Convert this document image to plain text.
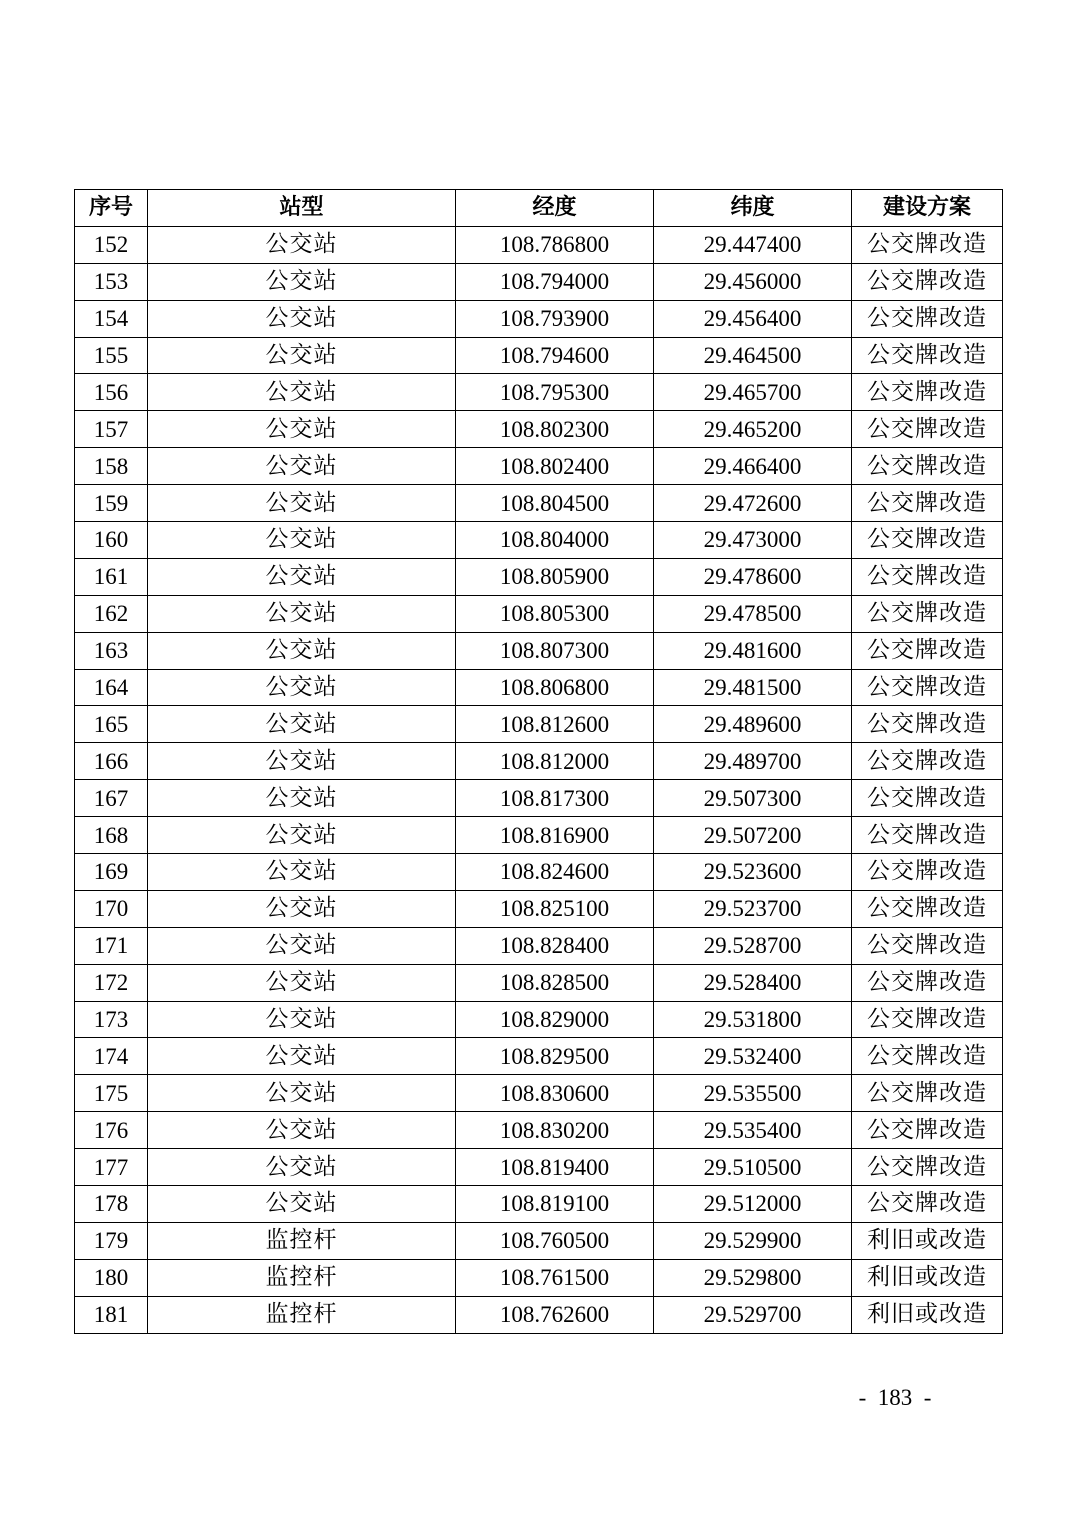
序号	站型	经度	纬度	建设方案
152	公交站	108.786800	29.447400	公交牌改造
153	公交站	108.794000	29.456000	公交牌改造
154	公交站	108.793900	29.456400	公交牌改造
155	公交站	108.794600	29.464500	公交牌改造
156	公交站	108.795300	29.465700	公交牌改造
157	公交站	108.802300	29.465200	公交牌改造
158	公交站	108.802400	29.466400	公交牌改造
159	公交站	108.804500	29.472600	公交牌改造
160	公交站	108.804000	29.473000	公交牌改造
161	公交站	108.805900	29.478600	公交牌改造
162	公交站	108.805300	29.478500	公交牌改造
163	公交站	108.807300	29.481600	公交牌改造
164	公交站	108.806800	29.481500	公交牌改造
165	公交站	108.812600	29.489600	公交牌改造
166	公交站	108.812000	29.489700	公交牌改造
167	公交站	108.817300	29.507300	公交牌改造
168	公交站	108.816900	29.507200	公交牌改造
169	公交站	108.824600	29.523600	公交牌改造
170	公交站	108.825100	29.523700	公交牌改造
171	公交站	108.828400	29.528700	公交牌改造
172	公交站	108.828500	29.528400	公交牌改造
173	公交站	108.829000	29.531800	公交牌改造
174	公交站	108.829500	29.532400	公交牌改造
175	公交站	108.830600	29.535500	公交牌改造
176	公交站	108.830200	29.535400	公交牌改造
177	公交站	108.819400	29.510500	公交牌改造
178	公交站	108.819100	29.512000	公交牌改造
179	监控杆	108.760500	29.529900	利旧或改造
180	监控杆	108.761500	29.529800	利旧或改造
181	监控杆	108.762600	29.529700	利旧或改造
-  183  -
